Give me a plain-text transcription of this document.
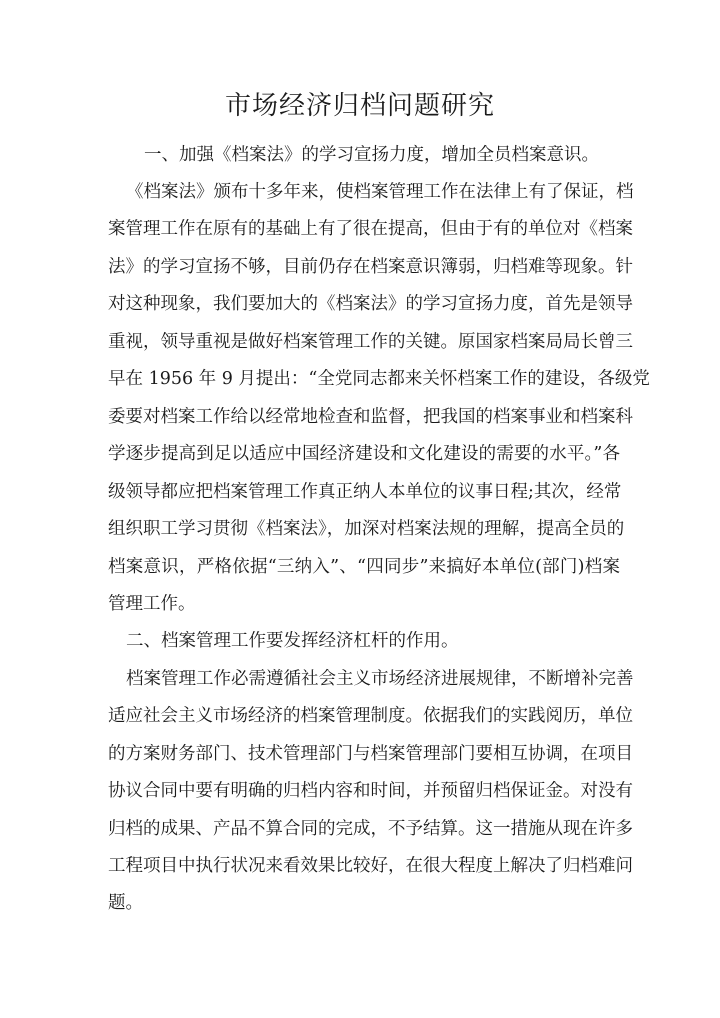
市场经济归档问题研究

一、加强《档案法》的学习宣扬力度，增加全员档案意识。

《档案法》颁布十多年来，使档案管理工作在法律上有了保证，档

案管理工作在原有的基础上有了很在提高，但由于有的单位对《档案

法》的学习宣扬不够，目前仍存在档案意识簿弱，归档难等现象。针

对这种现象，我们要加大的《档案法》的学习宣扬力度，首先是领导

重视，领导重视是做好档案管理工作的关键。原国家档案局局长曾三

早在 1956 年 9 月提出：“全党同志都来关怀档案工作的建设，各级党

委要对档案工作给以经常地检查和监督，把我国的档案事业和档案科

学逐步提高到足以适应中国经济建设和文化建设的需要的水平。”各

级领导都应把档案管理工作真正纳人本单位的议事日程;其次，经常

组织职工学习贯彻《档案法》，加深对档案法规的理解，提高全员的

档案意识，严格依据“三纳入”、“四同步”来搞好本单位(部门)档案

管理工作。

二、档案管理工作要发挥经济杠杆的作用。

档案管理工作必需遵循社会主义市场经济进展规律，不断增补完善

适应社会主义市场经济的档案管理制度。依据我们的实践阅历，单位

的方案财务部门、技术管理部门与档案管理部门要相互协调，在项目

协议合同中要有明确的归档内容和时间，并预留归档保证金。对没有

归档的成果、产品不算合同的完成，不予结算。这一措施从现在许多

工程项目中执行状况来看效果比较好，在很大程度上解决了归档难问

题。
